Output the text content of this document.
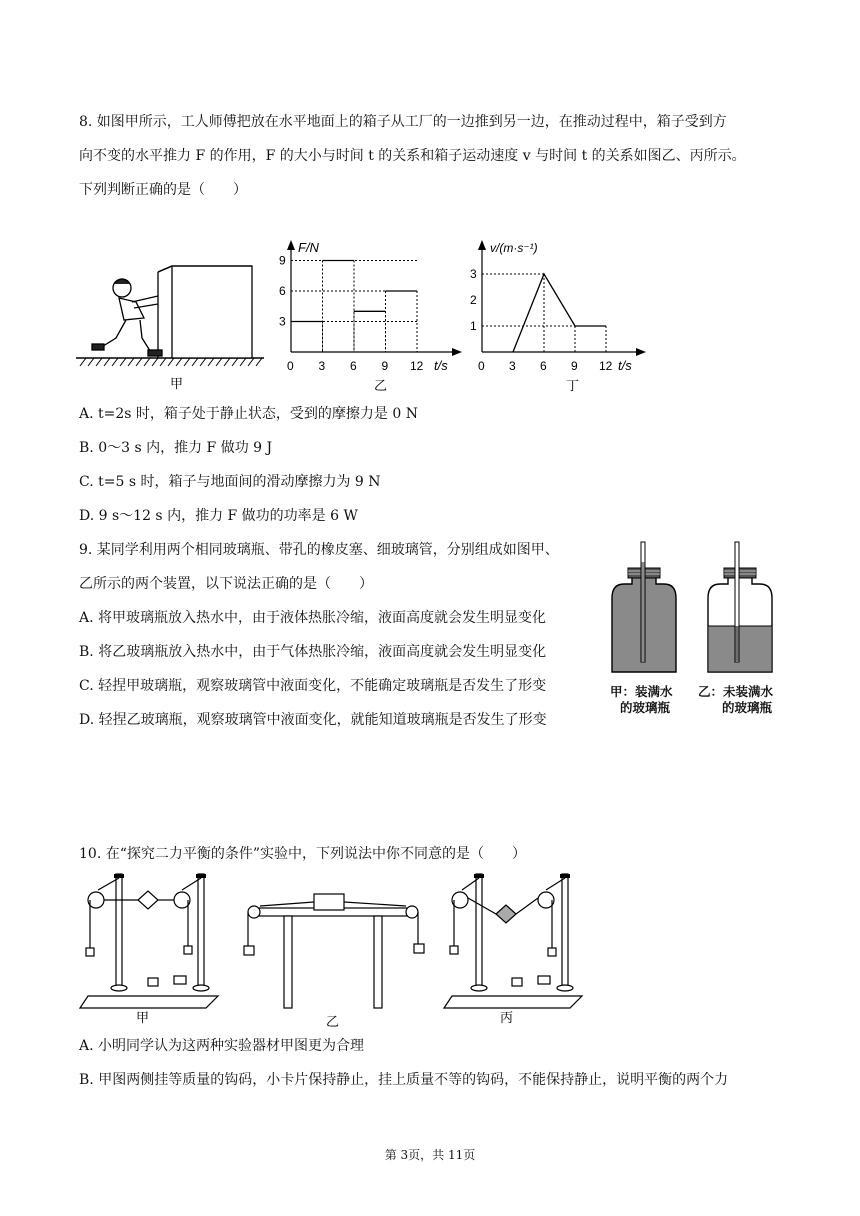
8. 如图甲所示，工人师傅把放在水平地面上的箱子从工厂的一边推到另一边，在推动过程中，箱子受到方
向不变的水平推力 F 的作用，F 的大小与时间 t 的关系和箱子运动速度 v 与时间 t 的关系如图乙、丙所示。
下列判断正确的是（　　）
甲
9
6
3
0 3 6 9 12
F/N
t/s
乙
3
2
1
0 3 6 9 12
v/(m·s⁻¹)
t/s
丁
A. t=2s 时，箱子处于静止状态，受到的摩擦力是 0 N
B. 0～3 s 内，推力 F 做功 9 J
C. t=5 s 时，箱子与地面间的滑动摩擦力为 9 N
D. 9 s～12 s 内，推力 F 做功的功率是 6 W
9. 某同学利用两个相同玻璃瓶、带孔的橡皮塞、细玻璃管，分别组成如图甲、
乙所示的两个装置，以下说法正确的是（　　）
A. 将甲玻璃瓶放入热水中，由于液体热胀冷缩，液面高度就会发生明显变化
B. 将乙玻璃瓶放入热水中，由于气体热胀冷缩，液面高度就会发生明显变化
C. 轻捏甲玻璃瓶，观察玻璃管中液面变化，不能确定玻璃瓶是否发生了形变
D. 轻捏乙玻璃瓶，观察玻璃管中液面变化，就能知道玻璃瓶是否发生了形变
甲：装满水
的玻璃瓶
乙：未装满水
的玻璃瓶
10. 在“探究二力平衡的条件”实验中，下列说法中你不同意的是（　　）
甲	乙	丙
A. 小明同学认为这两种实验器材甲图更为合理
B. 甲图两侧挂等质量的钩码，小卡片保持静止，挂上质量不等的钩码，不能保持静止，说明平衡的两个力
第 3页，共 11页
